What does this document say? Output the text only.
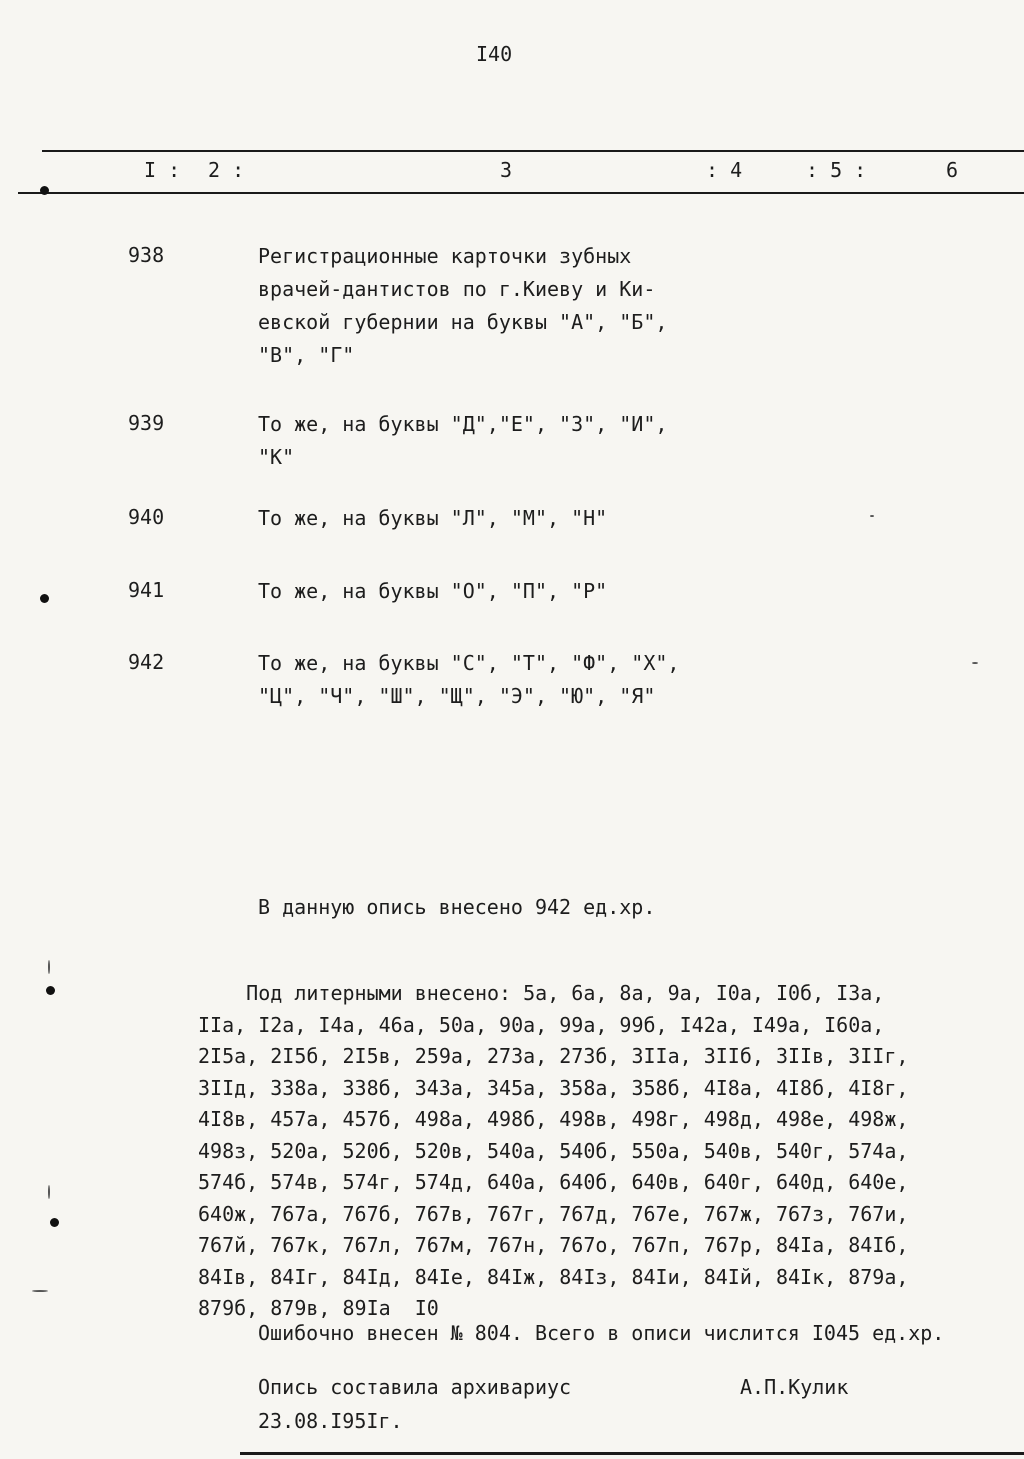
I40
I : 2 :	3	: 4	: 5 :	6
938	Регистрационные карточки зубных
врачей-дантистов по г.Киеву и Ки-
евской губернии на буквы "А", "Б",
"В", "Г"
939	То же, на буквы "Д","Е", "З", "И",
"К"
940	То же, на буквы "Л", "М", "Н"
941	То же, на буквы "О", "П", "Р"
942	То же, на буквы "С", "Т", "Ф", "Х",
"Ц", "Ч", "Ш", "Щ", "Э", "Ю", "Я"
В данную опись внесено 942 ед.хр.
Под литерными внесено: 5а, 6а, 8а, 9а, I0а, I0б, I3а,
IIа, I2а, I4а, 46а, 50а, 90а, 99а, 99б, I42а, I49а, I60а,
2I5а, 2I5б, 2I5в, 259а, 273а, 273б, 3IIа, 3IIб, 3IIв, 3IIг,
3IIд, 338а, 338б, 343а, 345а, 358а, 358б, 4I8а, 4I8б, 4I8г,
4I8в, 457а, 457б, 498а, 498б, 498в, 498г, 498д, 498е, 498ж,
498з, 520а, 520б, 520в, 540а, 540б, 550а, 540в, 540г, 574а,
574б, 574в, 574г, 574д, 640а, 640б, 640в, 640г, 640д, 640е,
640ж, 767а, 767б, 767в, 767г, 767д, 767е, 767ж, 767з, 767и,
767й, 767к, 767л, 767м, 767н, 767о, 767п, 767р, 84Iа, 84Iб,
84Iв, 84Iг, 84Iд, 84Iе, 84Iж, 84Iз, 84Iи, 84Iй, 84Iк, 879а,
879б, 879в, 89Iа  I0
Ошибочно внесен № 804. Всего в описи числится I045 ед.хр.
Опись составила архивариус	А.П.Кулик
23.08.I95Iг.
